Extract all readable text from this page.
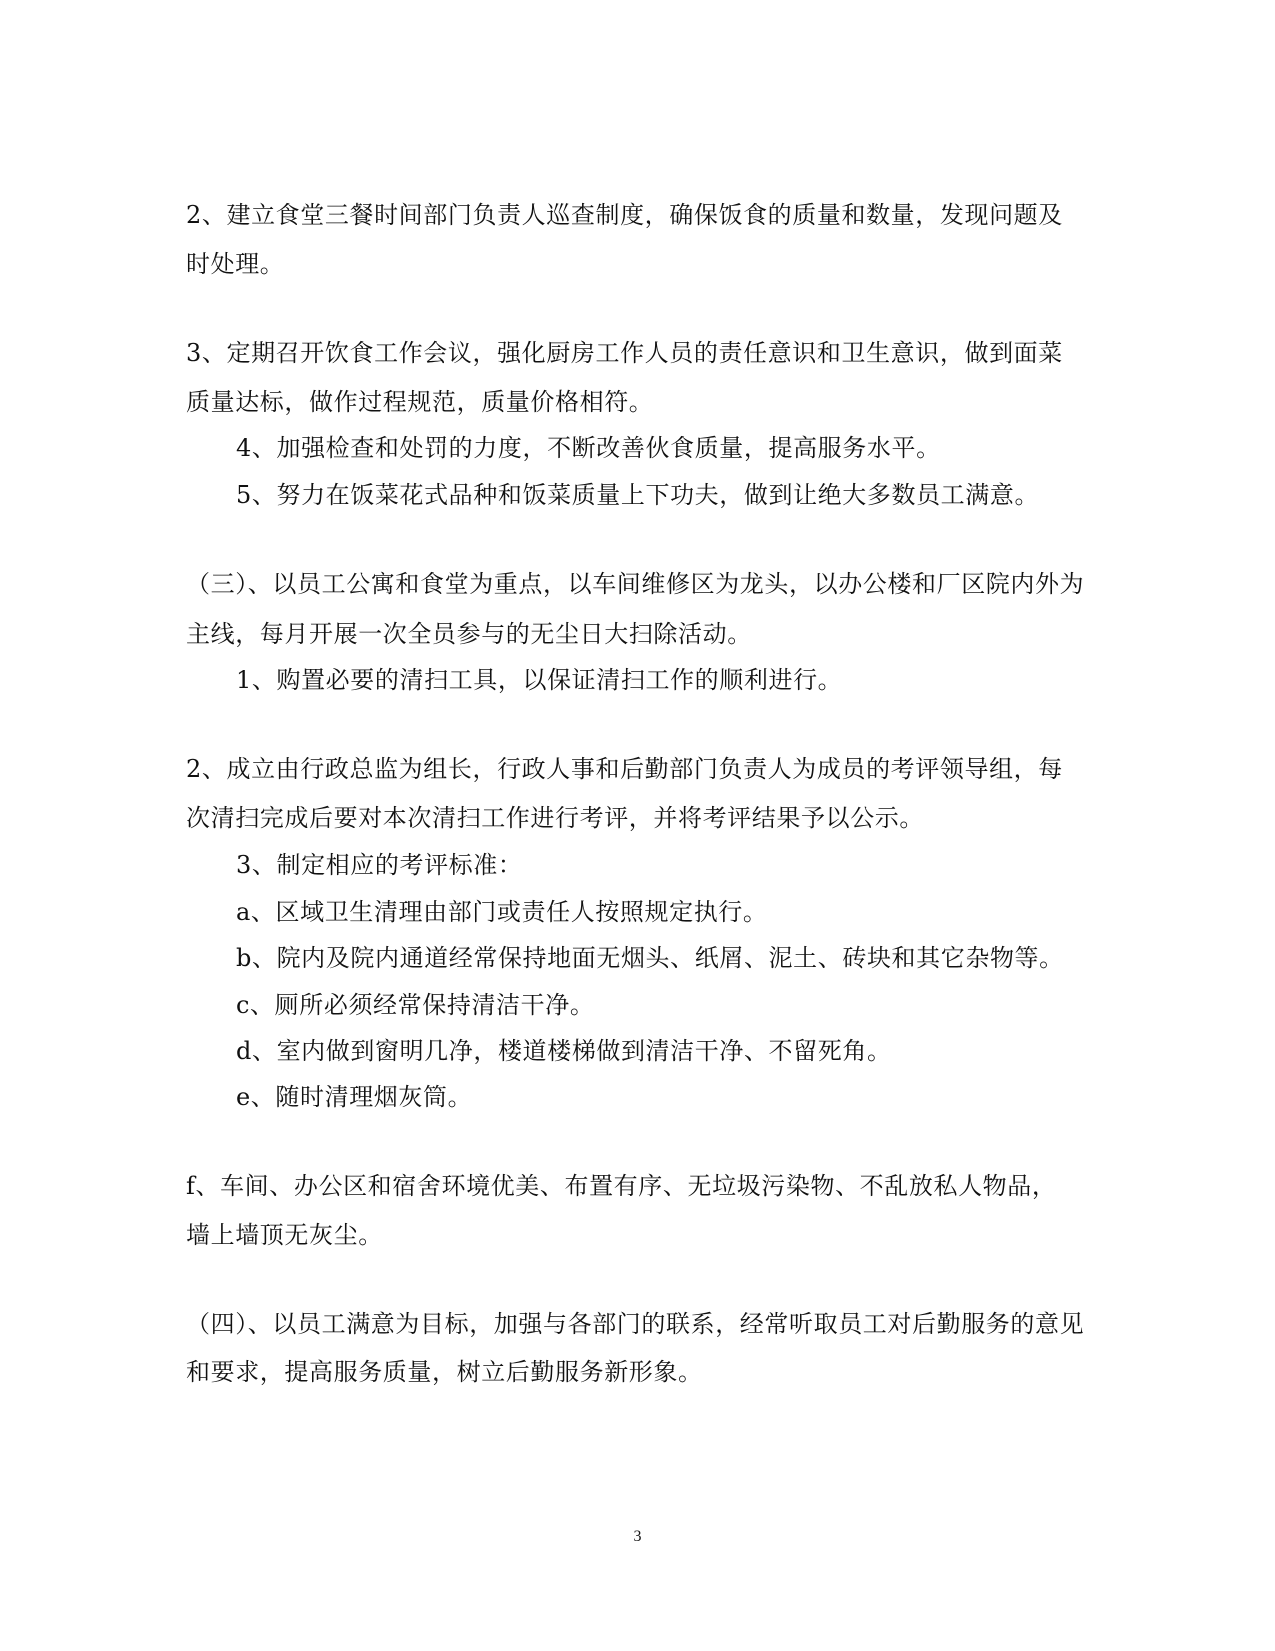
2、建立食堂三餐时间部门负责人巡查制度，确保饭食的质量和数量，发现问题及
时处理。
3、定期召开饮食工作会议，强化厨房工作人员的责任意识和卫生意识，做到面菜
质量达标，做作过程规范，质量价格相符。
4、加强检查和处罚的力度，不断改善伙食质量，提高服务水平。
5、努力在饭菜花式品种和饭菜质量上下功夫，做到让绝大多数员工满意。
（三）、以员工公寓和食堂为重点，以车间维修区为龙头，以办公楼和厂区院内外为
主线，每月开展一次全员参与的无尘日大扫除活动。
1、购置必要的清扫工具，以保证清扫工作的顺利进行。
2、成立由行政总监为组长，行政人事和后勤部门负责人为成员的考评领导组，每
次清扫完成后要对本次清扫工作进行考评，并将考评结果予以公示。
3、制定相应的考评标准：
a、区域卫生清理由部门或责任人按照规定执行。
b、院内及院内通道经常保持地面无烟头、纸屑、泥土、砖块和其它杂物等。
c、厕所必须经常保持清洁干净。
d、室内做到窗明几净，楼道楼梯做到清洁干净、不留死角。
e、随时清理烟灰筒。
f、车间、办公区和宿舍环境优美、布置有序、无垃圾污染物、不乱放私人物品，
墙上墙顶无灰尘。
（四）、以员工满意为目标，加强与各部门的联系，经常听取员工对后勤服务的意见
和要求，提高服务质量，树立后勤服务新形象。
3
